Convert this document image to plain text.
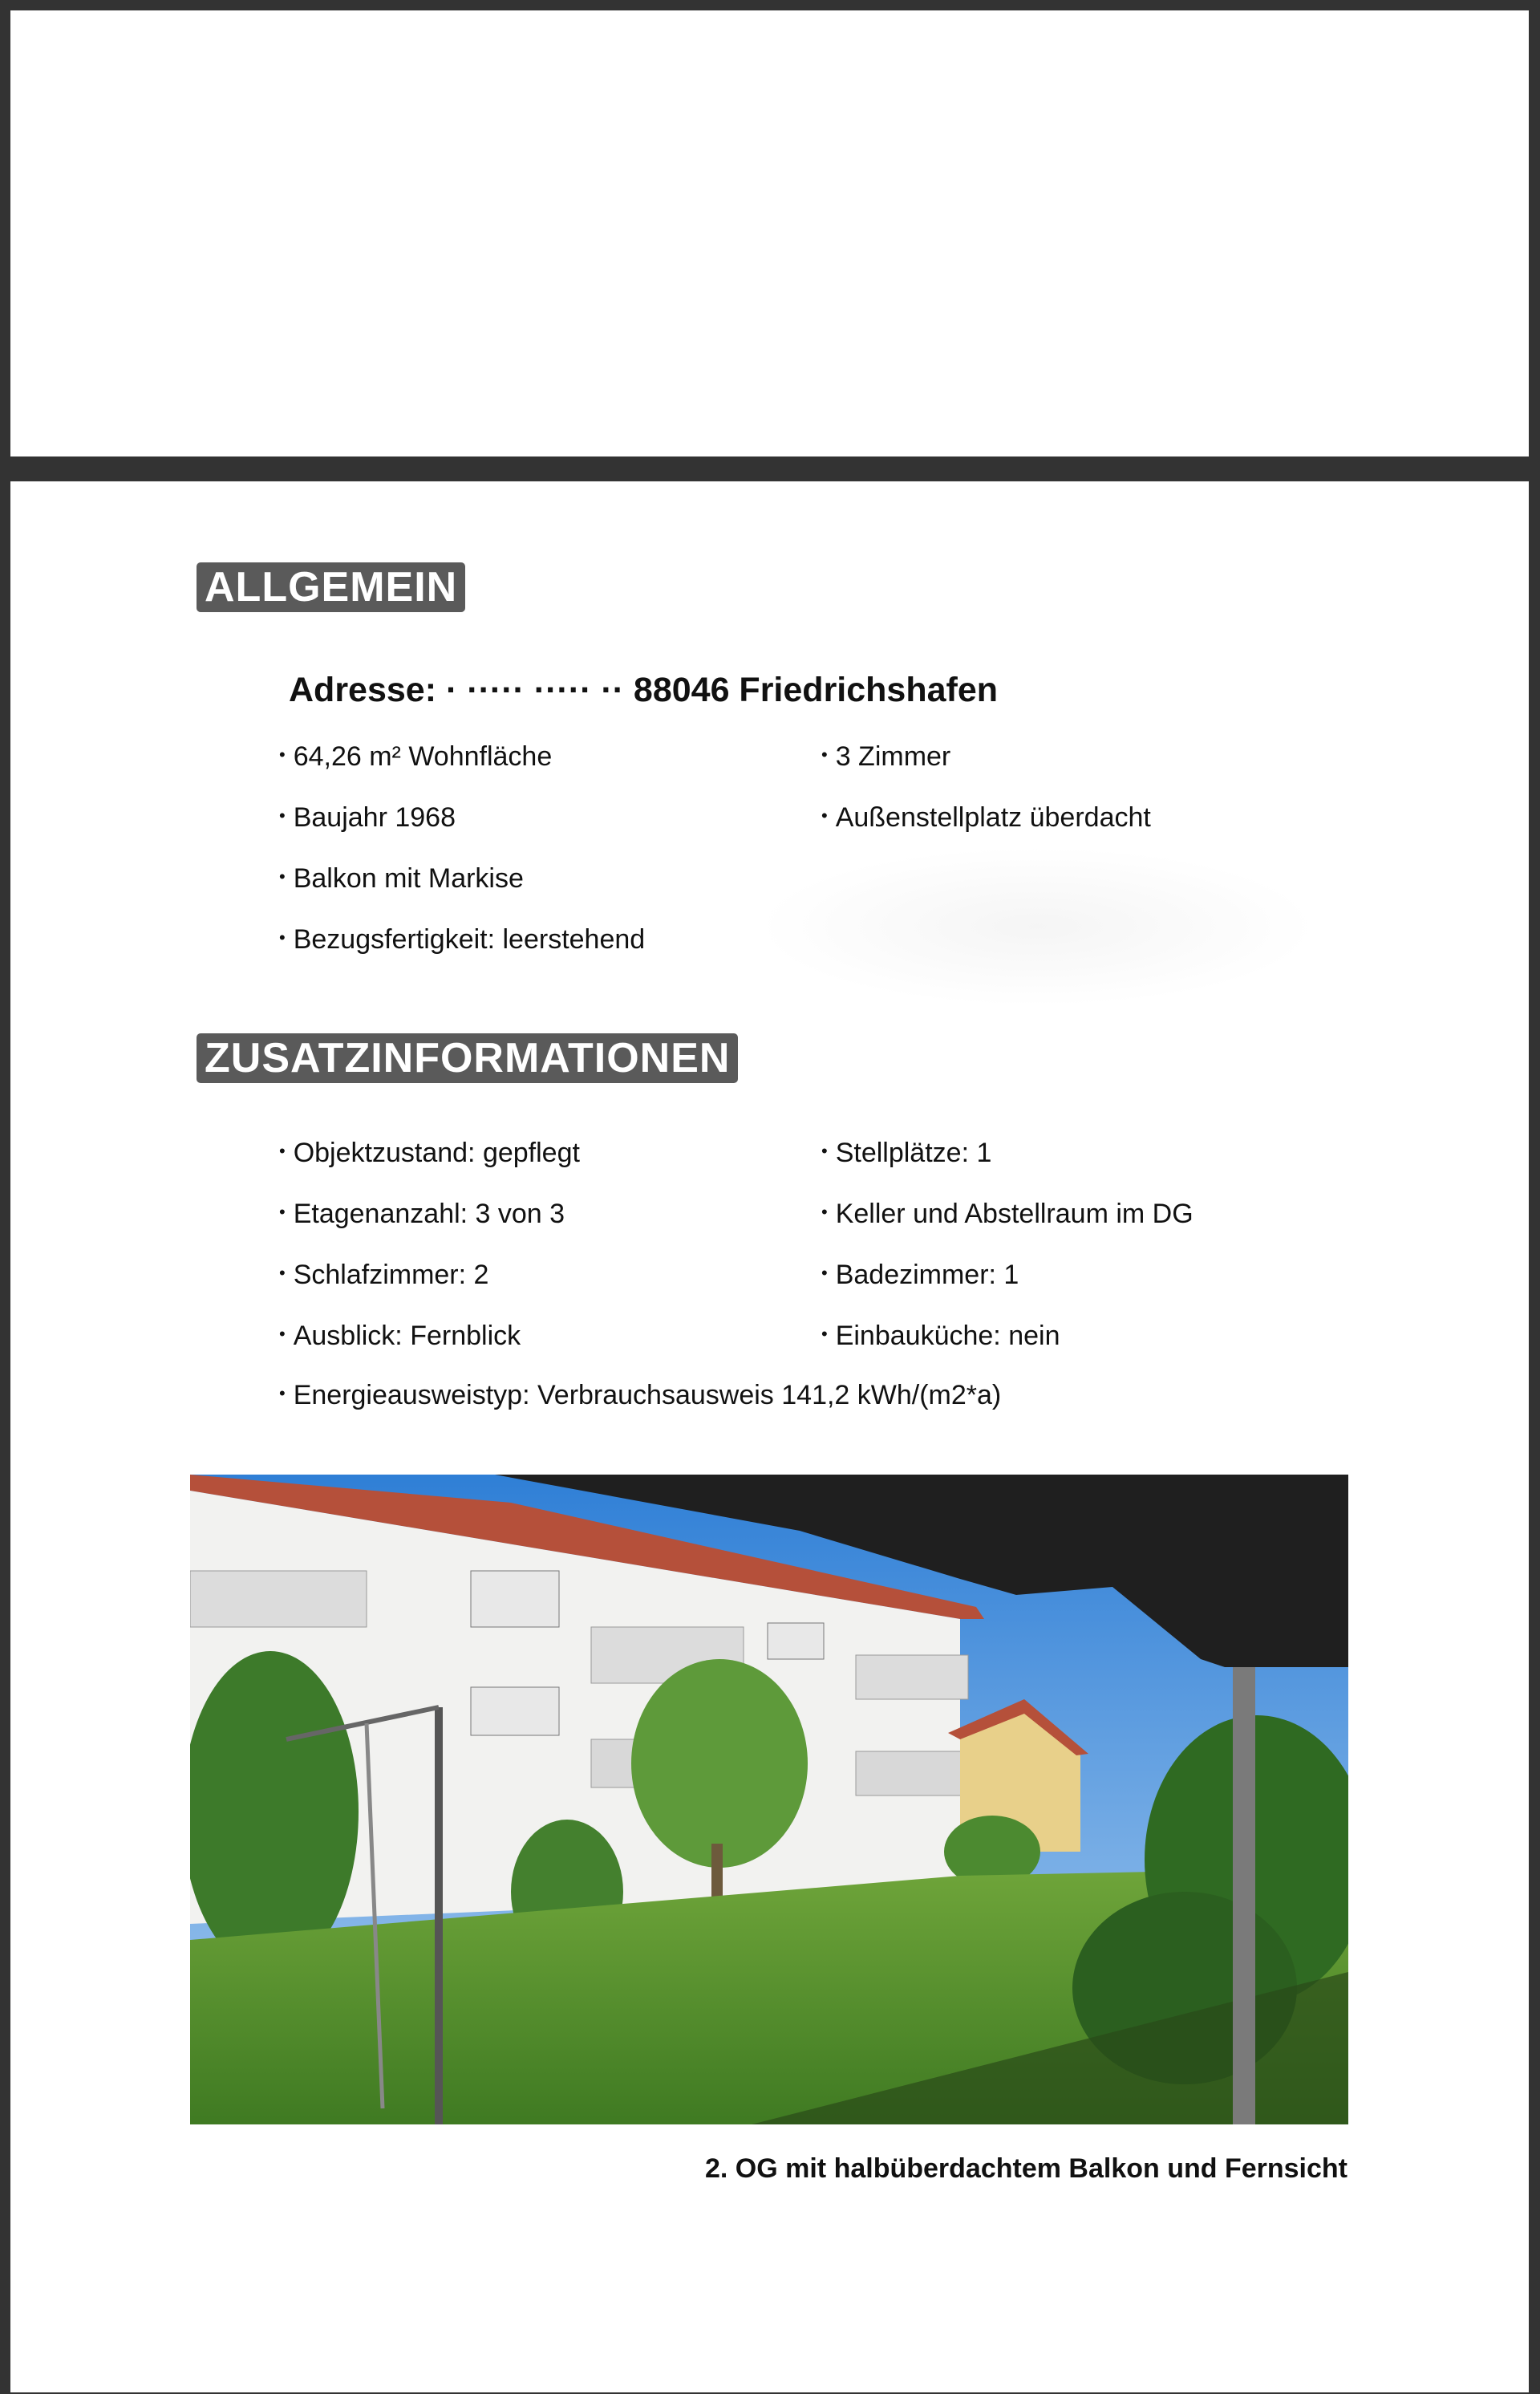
ALLGEMEIN
Adresse: · ····· ····· ·· 88046 Friedrichshafen
• 64,26 m² Wohnfläche
• Baujahr 1968
• Balkon mit Markise
• Bezugsfertigkeit: leerstehend
• 3 Zimmer
• Außenstellplatz überdacht
ZUSATZINFORMATIONEN
• Objektzustand: gepflegt
• Etagenanzahl: 3 von 3
• Schlafzimmer: 2
• Ausblick: Fernblick
• Stellplätze: 1
• Keller und Abstellraum im DG
• Badezimmer: 1
• Einbauküche: nein
• Energieausweistyp: Verbrauchsausweis 141,2 kWh/(m2*a)
2. OG mit halbüberdachtem Balkon und Fernsicht
